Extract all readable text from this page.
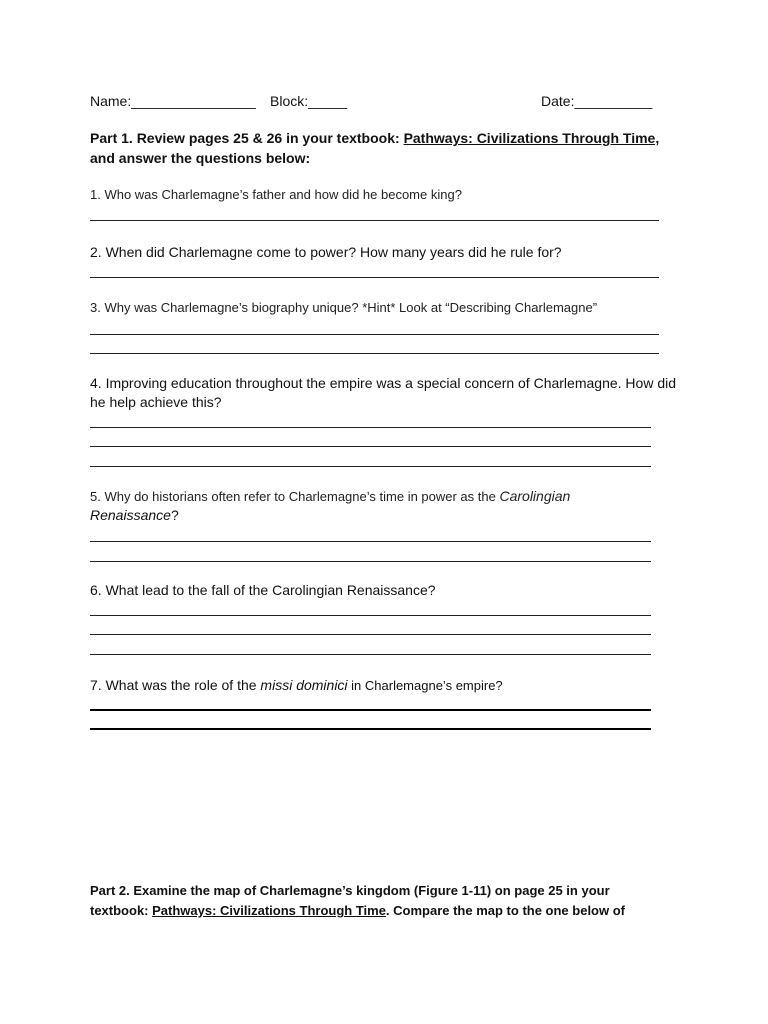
Name:________________ Block:_____	Date:__________
Part 1. Review pages 25 & 26 in your textbook: Pathways: Civilizations Through Time,
and answer the questions below:
1. Who was Charlemagne’s father and how did he become king?
2. When did Charlemagne come to power? How many years did he rule for?
3. Why was Charlemagne’s biography unique? *Hint* Look at “Describing Charlemagne”
4. Improving education throughout the empire was a special concern of Charlemagne. How did
he help achieve this?
5. Why do historians often refer to Charlemagne’s time in power as the Carolingian
Renaissance?
6. What lead to the fall of the Carolingian Renaissance?
7. What was the role of the missi dominici in Charlemagne’s empire?
Part 2. Examine the map of Charlemagne’s kingdom (Figure 1-11) on page 25 in your
textbook: Pathways: Civilizations Through Time. Compare the map to the one below of
